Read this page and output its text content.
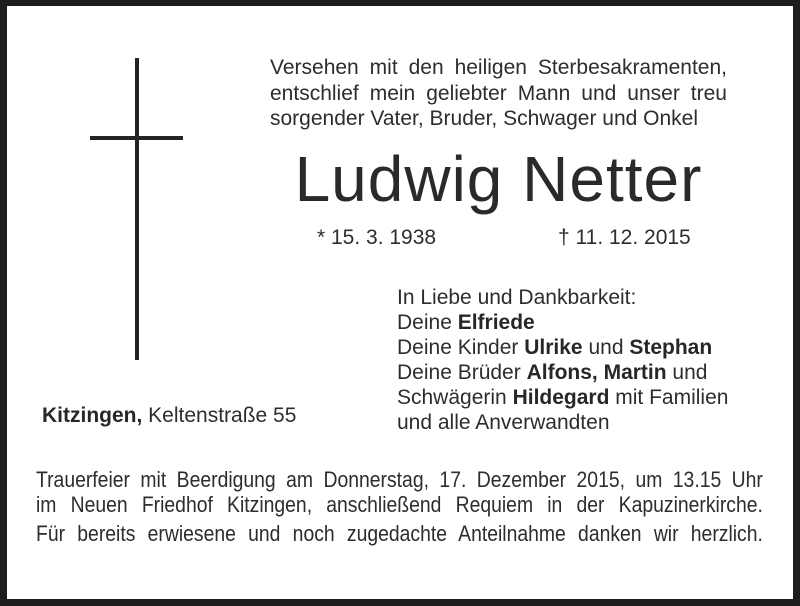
Versehen mit den heiligen Sterbesakramenten,
entschlief mein geliebter Mann und unser treu
sorgender Vater, Bruder, Schwager und Onkel
Ludwig Netter
* 15. 3. 1938	† 11. 12. 2015
In Liebe und Dankbarkeit:
Deine Elfriede
Deine Kinder Ulrike und Stephan
Deine Brüder Alfons, Martin und
Schwägerin Hildegard mit Familien
und alle Anverwandten
Kitzingen, Keltenstraße 55
Trauerfeier mit Beerdigung am Donnerstag, 17. Dezember 2015, um 13.15 Uhr
im Neuen Friedhof Kitzingen, anschließend Requiem in der Kapuzinerkirche.
Für bereits erwiesene und noch zugedachte Anteilnahme danken wir herzlich.
